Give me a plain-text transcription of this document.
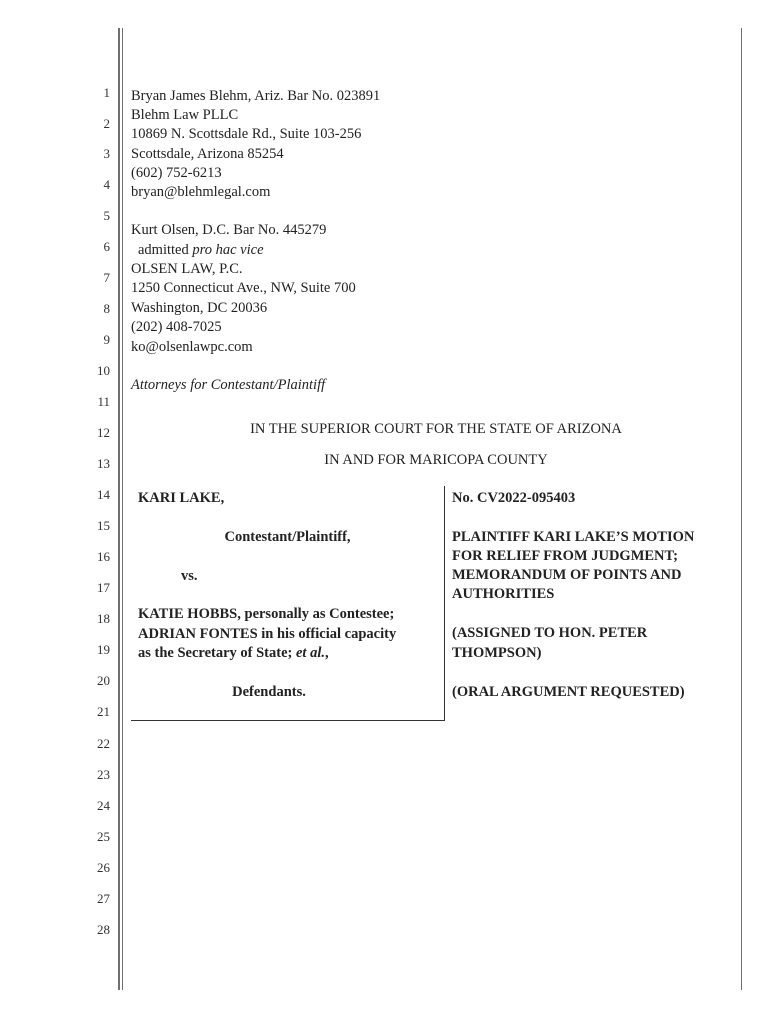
1
2
3
4
5
6
7
8
9
10
11
12
13
14
15
16
17
18
19
20
21
22
23
24
25
26
27
28
Bryan James Blehm, Ariz. Bar No. 023891
Blehm Law PLLC
10869 N. Scottsdale Rd., Suite 103-256
Scottsdale, Arizona 85254
(602) 752-6213
bryan@blehmlegal.com
Kurt Olsen, D.C. Bar No. 445279
admitted pro hac vice
OLSEN LAW, P.C.
1250 Connecticut Ave., NW, Suite 700
Washington, DC 20036
(202) 408-7025
ko@olsenlawpc.com
Attorneys for Contestant/Plaintiff
IN THE SUPERIOR COURT FOR THE STATE OF ARIZONA
IN AND FOR MARICOPA COUNTY
KARI LAKE,
Contestant/Plaintiff,
vs.
KATIE HOBBS, personally as Contestee;
ADRIAN FONTES in his official capacity
as the Secretary of State; et al.,
Defendants.
No. CV2022-095403
PLAINTIFF KARI LAKE’S MOTION
FOR RELIEF FROM JUDGMENT;
MEMORANDUM OF POINTS AND
AUTHORITIES
(ASSIGNED TO HON. PETER
THOMPSON)
(ORAL ARGUMENT REQUESTED)
